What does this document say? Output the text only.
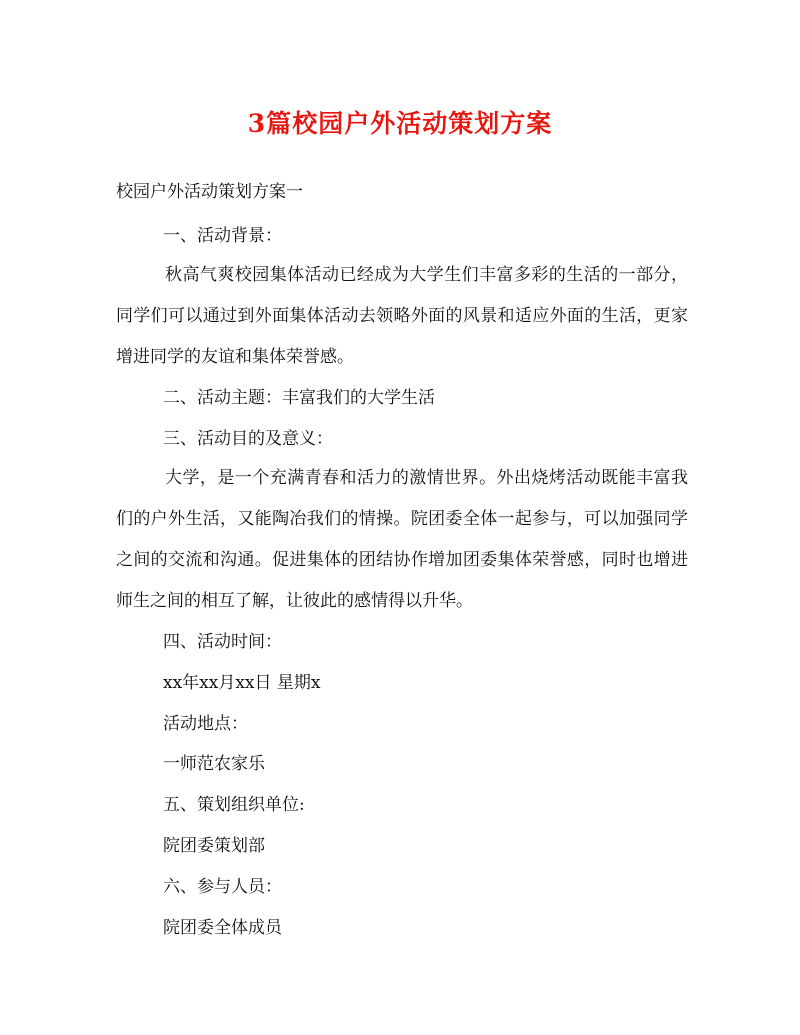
3篇校园户外活动策划方案
校园户外活动策划方案一
一、活动背景：
秋高气爽校园集体活动已经成为大学生们丰富多彩的生活的一部分，同学们可以通过到外面集体活动去领略外面的风景和适应外面的生活，更家增进同学的友谊和集体荣誉感。
二、活动主题：丰富我们的大学生活
三、活动目的及意义：
大学，是一个充满青春和活力的激情世界。外出烧烤活动既能丰富我们的户外生活，又能陶冶我们的情操。院团委全体一起参与，可以加强同学之间的交流和沟通。促进集体的团结协作增加团委集体荣誉感，同时也增进师生之间的相互了解，让彼此的感情得以升华。
四、活动时间：
xx年xx月xx日 星期x
活动地点：
一师范农家乐
五、策划组织单位:
院团委策划部
六、参与人员：
院团委全体成员
